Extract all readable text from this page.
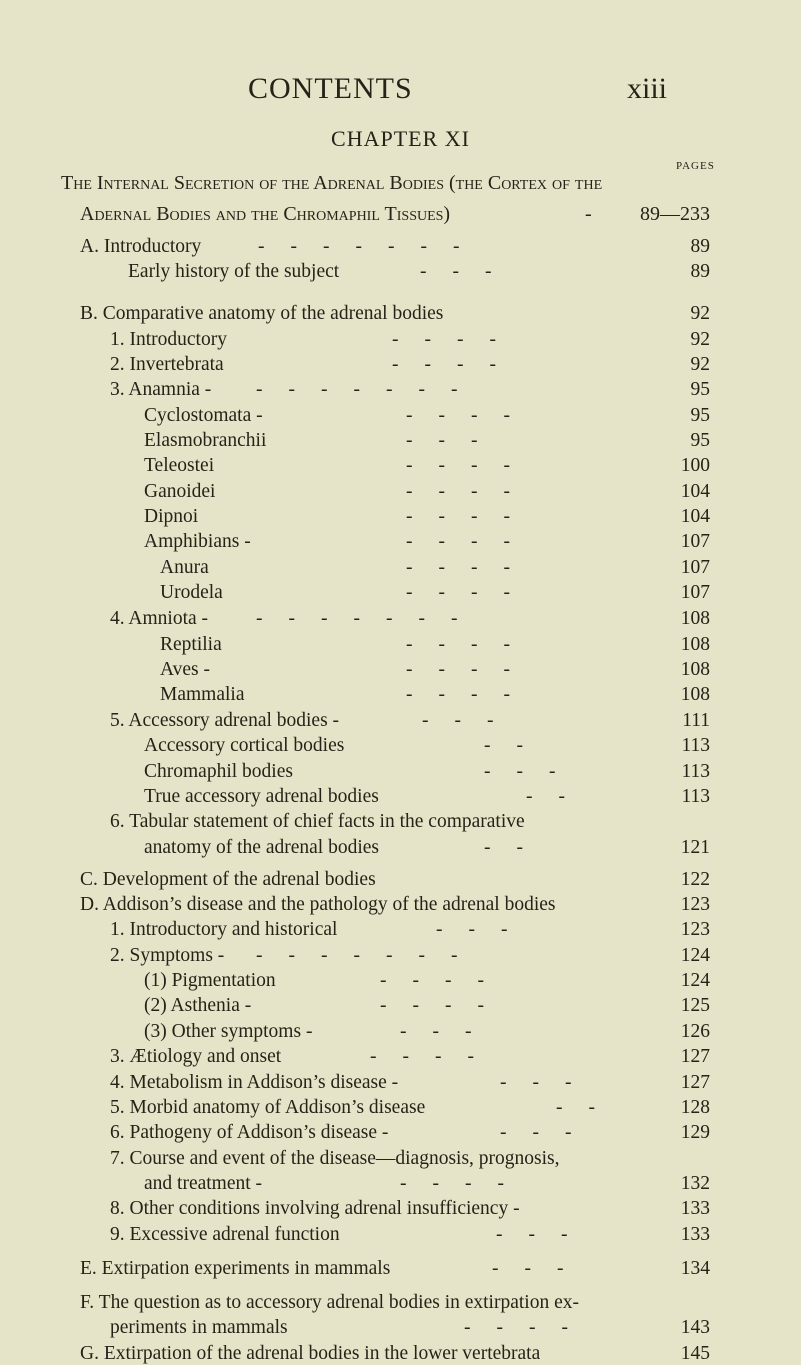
CONTENTS	xiii
CHAPTER XI
PAGES
The Internal Secretion of the Adrenal Bodies (the Cortex of the
Adernal Bodies and the Chromaphil Tissues)	- 89—233
A. Introductory	-------	89
Early history of the subject	---	89
B. Comparative anatomy of the adrenal bodies	92
1. Introductory	----	92
2. Invertebrata	----	92
3. Anamnia - -------	95
Cyclostomata -	----	95
Elasmobranchii	---	95
Teleostei	----	100
Ganoidei	----	104
Dipnoi	----	104
Amphibians -	----	107
Anura	----	107
Urodela	----	107
4. Amniota - -------	108
Reptilia	----	108
Aves -	----	108
Mammalia	----	108
5. Accessory adrenal bodies -	---	111
Accessory cortical bodies	--	113
Chromaphil bodies	---	113
True accessory adrenal bodies	--	113
6. Tabular statement of chief facts in the comparative
anatomy of the adrenal bodies	--	121
C. Development of the adrenal bodies	122
D. Addison’s disease and the pathology of the adrenal bodies	123
1. Introductory and historical	---	123
2. Symptoms - -------	124
(1) Pigmentation	----	124
(2) Asthenia -	----	125
(3) Other symptoms -	---	126
3. Ætiology and onset	----	127
4. Metabolism in Addison’s disease -	---	127
5. Morbid anatomy of Addison’s disease	--	128
6. Pathogeny of Addison’s disease -	---	129
7. Course and event of the disease—diagnosis, prognosis,
and treatment -	----	132
8. Other conditions involving adrenal insufficiency -	133
9. Excessive adrenal function	---	133
E. Extirpation experiments in mammals	---	134
F. The question as to accessory adrenal bodies in extirpation ex-
periments in mammals	----	143
G. Extirpation of the adrenal bodies in the lower vertebrata	145
